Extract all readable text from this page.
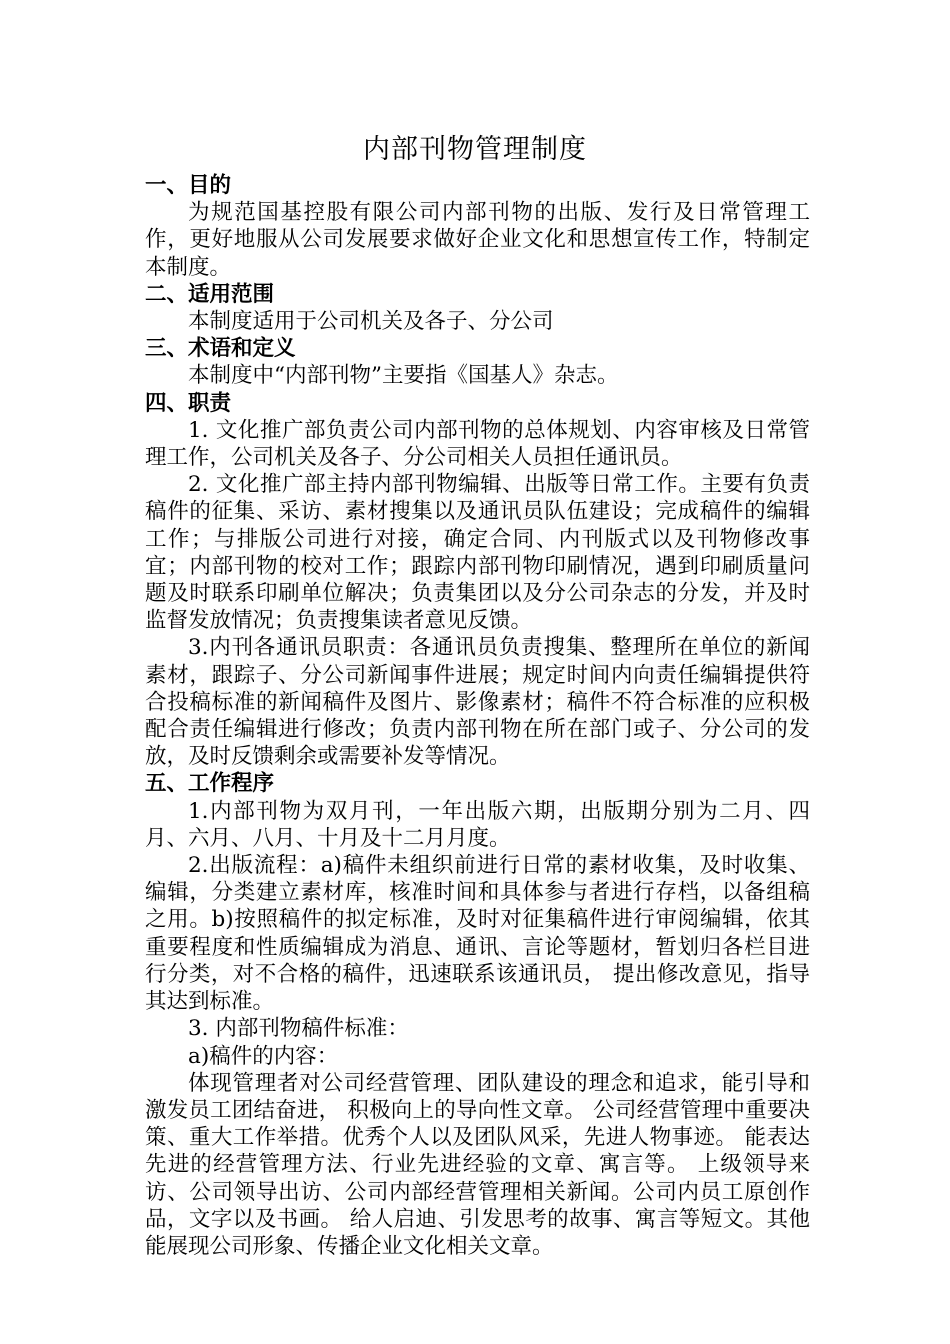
内部刊物管理制度

一、目的

为规范国基控股有限公司内部刊物的出版、发行及日常管理工作，更好地服从公司发展要求做好企业文化和思想宣传工作，特制定本制度。

二、适用范围

本制度适用于公司机关及各子、分公司

三、术语和定义

本制度中“内部刊物”主要指《国基人》杂志。

四、职责

1. 文化推广部负责公司内部刊物的总体规划、内容审核及日常管理工作，公司机关及各子、分公司相关人员担任通讯员。

2. 文化推广部主持内部刊物编辑、出版等日常工作。主要有负责稿件的征集、采访、素材搜集以及通讯员队伍建设；完成稿件的编辑工作；与排版公司进行对接，确定合同、内刊版式以及刊物修改事宜；内部刊物的校对工作；跟踪内部刊物印刷情况，遇到印刷质量问题及时联系印刷单位解决；负责集团以及分公司杂志的分发，并及时监督发放情况；负责搜集读者意见反馈。

3.内刊各通讯员职责：各通讯员负责搜集、整理所在单位的新闻素材，跟踪子、分公司新闻事件进展；规定时间内向责任编辑提供符合投稿标准的新闻稿件及图片、影像素材；稿件不符合标准的应积极配合责任编辑进行修改；负责内部刊物在所在部门或子、分公司的发放，及时反馈剩余或需要补发等情况。

五、工作程序

1.内部刊物为双月刊，一年出版六期，出版期分别为二月、四月、六月、八月、十月及十二月月度。

2.出版流程：a)稿件未组织前进行日常的素材收集，及时收集、编辑，分类建立素材库，核准时间和具体参与者进行存档，以备组稿之用。b)按照稿件的拟定标准，及时对征集稿件进行审阅编辑，依其重要程度和性质编辑成为消息、通讯、言论等题材，暂划归各栏目进行分类，对不合格的稿件，迅速联系该通讯员， 提出修改意见，指导其达到标准。

3. 内部刊物稿件标准：

a)稿件的内容：

体现管理者对公司经营管理、团队建设的理念和追求，能引导和激发员工团结奋进， 积极向上的导向性文章。 公司经营管理中重要决策、重大工作举措。优秀个人以及团队风采，先进人物事迹。 能表达先进的经营管理方法、行业先进经验的文章、寓言等。 上级领导来访、公司领导出访、公司内部经营管理相关新闻。公司内员工原创作品，文字以及书画。 给人启迪、引发思考的故事、寓言等短文。其他能展现公司形象、传播企业文化相关文章。
